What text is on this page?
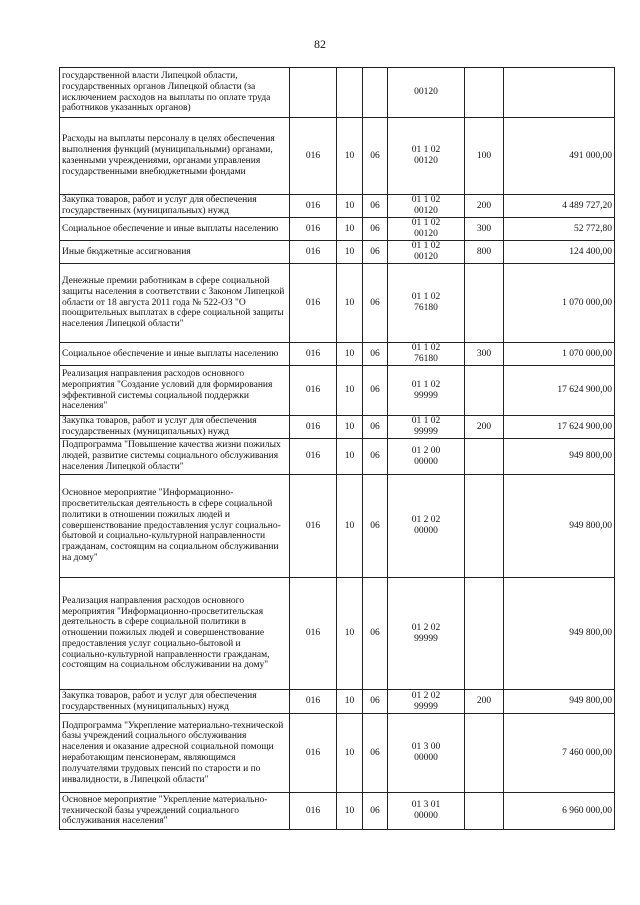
82
государственной власти Липецкой области, государственных органов Липецкой области (за исключением расходов на выплаты по оплате труда работников указанных органов)				00120		
Расходы на выплаты персоналу в целях обеспечения выполнения функций (муниципальными) органами, казенными учреждениями, органами управления государственными внебюджетными фондами	016	10	06	01 1 02
00120	100	491 000,00
Закупка товаров, работ и услуг для обеспечения государственных (муниципальных) нужд	016	10	06	01 1 02
00120	200	4 489 727,20
Социальное обеспечение и иные выплаты населению	016	10	06	01 1 02
00120	300	52 772,80
Иные бюджетные ассигнования	016	10	06	01 1 02
00120	800	124 400,00
Денежные премии работникам в сфере социальной защиты населения в соответствии с Законом Липецкой области от 18 августа 2011 года № 522-ОЗ "О поощрительных выплатах в сфере социальной защиты населения Липецкой области"	016	10	06	01 1 02
76180		1 070 000,00
Социальное обеспечение и иные выплаты населению	016	10	06	01 1 02
76180	300	1 070 000,00
Реализация направления расходов основного мероприятия "Создание условий для формирования эффективной системы социальной поддержки населения"	016	10	06	01 1 02
99999		17 624 900,00
Закупка товаров, работ и услуг для обеспечения государственных (муниципальных) нужд	016	10	06	01 1 02
99999	200	17 624 900,00
Подпрограмма "Повышение качества жизни пожилых людей, развитие системы социального обслуживания населения Липецкой области"	016	10	06	01 2 00
00000		949 800,00
Основное мероприятие "Информационно-просветительская деятельность в сфере социальной политики в отношении пожилых людей и совершенствование предоставления услуг социально-бытовой и социально-культурной направленности гражданам, состоящим на социальном обслуживании на дому"	016	10	06	01 2 02
00000		949 800,00
Реализация направления расходов основного мероприятия "Информационно-просветительская деятельность в сфере социальной политики в отношении пожилых людей и совершенствование предоставления услуг социально-бытовой и социально-культурной направленности гражданам, состоящим на социальном обслуживании на дому"	016	10	06	01 2 02
99999		949 800,00
Закупка товаров, работ и услуг для обеспечения государственных (муниципальных) нужд	016	10	06	01 2 02
99999	200	949 800,00
Подпрограмма "Укрепление материально-технической базы учреждений социального обслуживания населения и оказание адресной социальной помощи неработающим пенсионерам, являющимся получателями трудовых пенсий по старости и по инвалидности, в Липецкой области"	016	10	06	01 3 00
00000		7 460 000,00
Основное мероприятие "Укрепление материально-технической базы учреждений социального обслуживания населения"	016	10	06	01 3 01
00000		6 960 000,00
